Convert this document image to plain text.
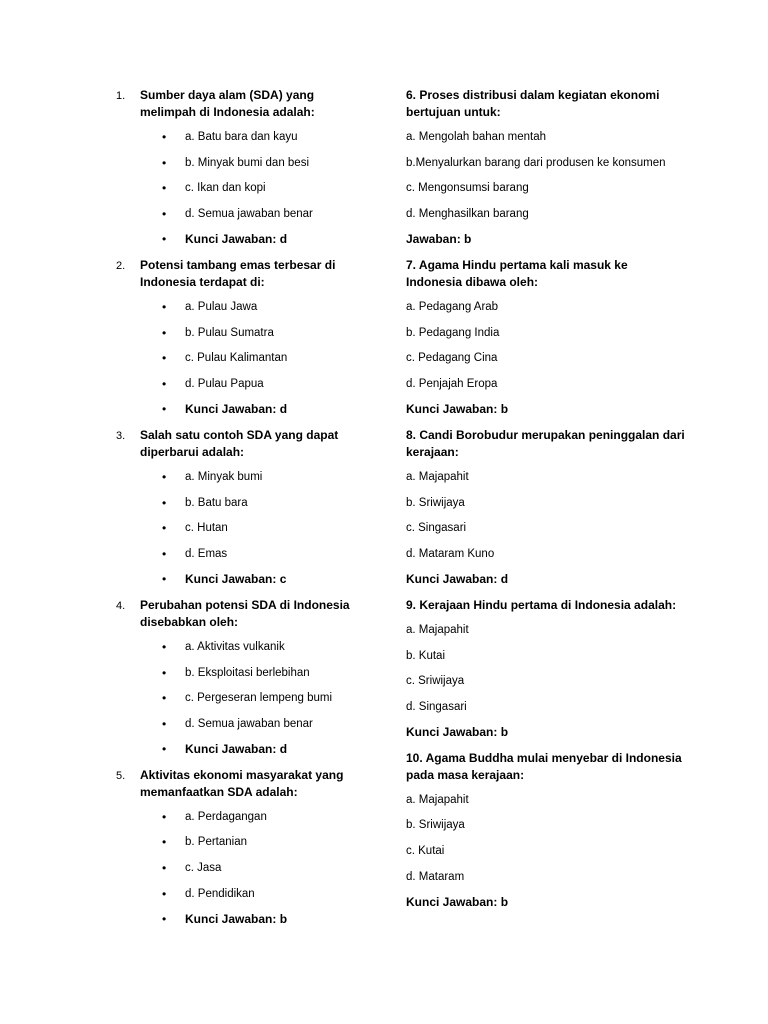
1. Sumber daya alam (SDA) yang melimpah di Indonesia adalah:
• a. Batu bara dan kayu
• b. Minyak bumi dan besi
• c. Ikan dan kopi
• d. Semua jawaban benar
• Kunci Jawaban: d
2. Potensi tambang emas terbesar di Indonesia terdapat di:
• a. Pulau Jawa
• b. Pulau Sumatra
• c. Pulau Kalimantan
• d. Pulau Papua
• Kunci Jawaban: d
3. Salah satu contoh SDA yang dapat diperbarui adalah:
• a. Minyak bumi
• b. Batu bara
• c. Hutan
• d. Emas
• Kunci Jawaban: c
4. Perubahan potensi SDA di Indonesia disebabkan oleh:
• a. Aktivitas vulkanik
• b. Eksploitasi berlebihan
• c. Pergeseran lempeng bumi
• d. Semua jawaban benar
• Kunci Jawaban: d
5. Aktivitas ekonomi masyarakat yang memanfaatkan SDA adalah:
• a. Perdagangan
• b. Pertanian
• c. Jasa
• d. Pendidikan
• Kunci Jawaban: b
6. Proses distribusi dalam kegiatan ekonomi bertujuan untuk:
a. Mengolah bahan mentah
b.Menyalurkan barang dari produsen ke konsumen
c. Mengonsumsi barang
d. Menghasilkan barang
Jawaban: b
7. Agama Hindu pertama kali masuk ke Indonesia dibawa oleh:
a. Pedagang Arab
b. Pedagang India
c. Pedagang Cina
d. Penjajah Eropa
Kunci Jawaban: b
8. Candi Borobudur merupakan peninggalan dari kerajaan:
a. Majapahit
b. Sriwijaya
c. Singasari
d. Mataram Kuno
Kunci Jawaban: d
9. Kerajaan Hindu pertama di Indonesia adalah:
a. Majapahit
b. Kutai
c. Sriwijaya
d. Singasari
Kunci Jawaban: b
10. Agama Buddha mulai menyebar di Indonesia pada masa kerajaan:
a. Majapahit
b. Sriwijaya
c. Kutai
d. Mataram
Kunci Jawaban: b
